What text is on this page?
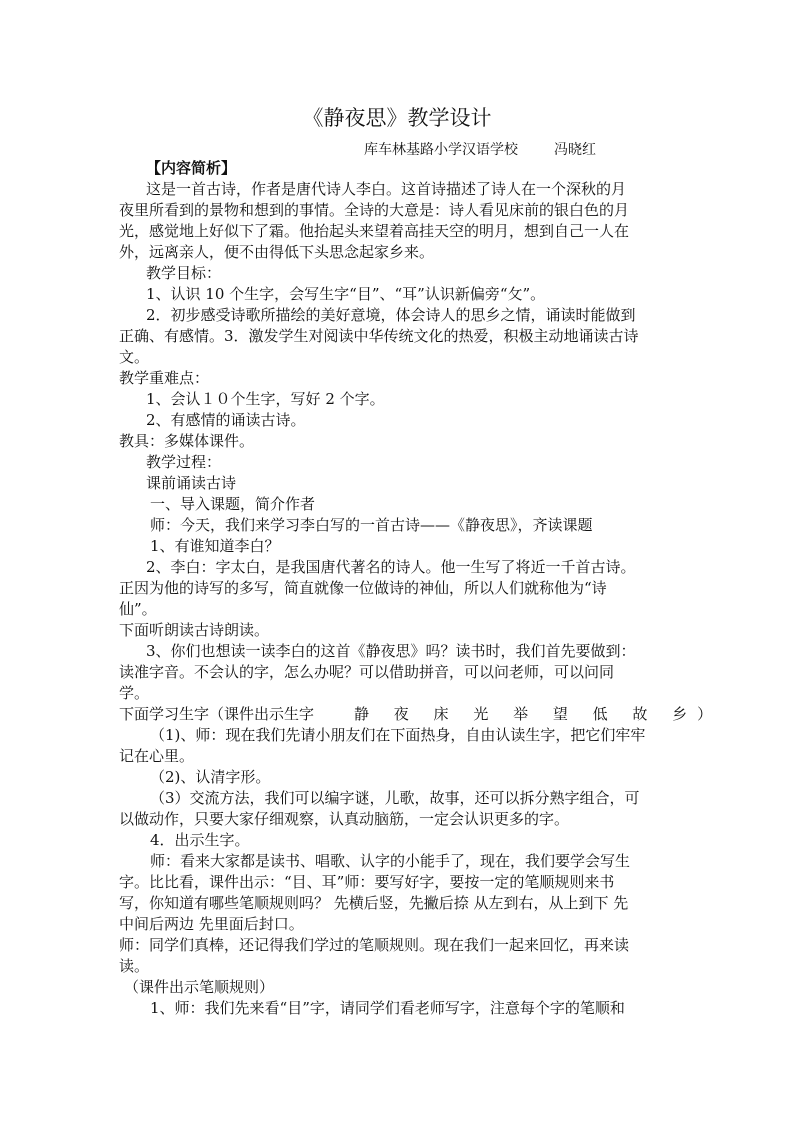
《静夜思》教学设计
库车林基路小学汉语学校	冯晓红
【内容简析】
这是一首古诗，作者是唐代诗人李白。这首诗描述了诗人在一个深秋的月
夜里所看到的景物和想到的事情。全诗的大意是：诗人看见床前的银白色的月
光，感觉地上好似下了霜。他抬起头来望着高挂天空的明月，想到自己一人在
外，远离亲人，便不由得低下头思念起家乡来。
教学目标：
1、认识 10 个生字，会写生字“目”、“耳”认识新偏旁“攵”。
2．初步感受诗歌所描绘的美好意境，体会诗人的思乡之情，诵读时能做到
正确、有感情。3．激发学生对阅读中华传统文化的热爱，积极主动地诵读古诗
文。
教学重难点：
1、会认１０个生字，写好 2 个字。
2、有感情的诵读古诗。
教具：多媒体课件。
教学过程：
课前诵读古诗
一、导入课题，简介作者
师：今天，我们来学习李白写的一首古诗——《静夜思》，齐读课题
1、有谁知道李白？
2、李白：字太白，是我国唐代著名的诗人。他一生写了将近一千首古诗。
正因为他的诗写的多写，简直就像一位做诗的神仙，所以人们就称他为“诗
仙”。
下面听朗读古诗朗读。
3、你们也想读一读李白的这首《静夜思》吗？读书时，我们首先要做到：
读准字音。不会认的字，怎么办呢？可以借助拼音，可以问老师，可以问同
学。
下面学习生字（课件出示生字	静 夜 床 光 举 望 低 故 乡）
（1)、师：现在我们先请小朋友们在下面热身，自由认读生字，把它们牢牢
记在心里。
（2)、认清字形。
（3）交流方法，我们可以编字谜，儿歌，故事，还可以拆分熟字组合，可
以做动作，只要大家仔细观察，认真动脑筋，一定会认识更多的字。
4．出示生字。
师：看来大家都是读书、唱歌、认字的小能手了，现在，我们要学会写生
字。比比看，课件出示：“目、耳”师：要写好字，要按一定的笔顺规则来书
写，你知道有哪些笔顺规则吗？ 先横后竖，先撇后捺 从左到右，从上到下 先
中间后两边 先里面后封口。
师：同学们真棒，还记得我们学过的笔顺规则。现在我们一起来回忆，再来读
读。
（课件出示笔顺规则）
1、师：我们先来看“目”字，请同学们看老师写字，注意每个字的笔顺和
